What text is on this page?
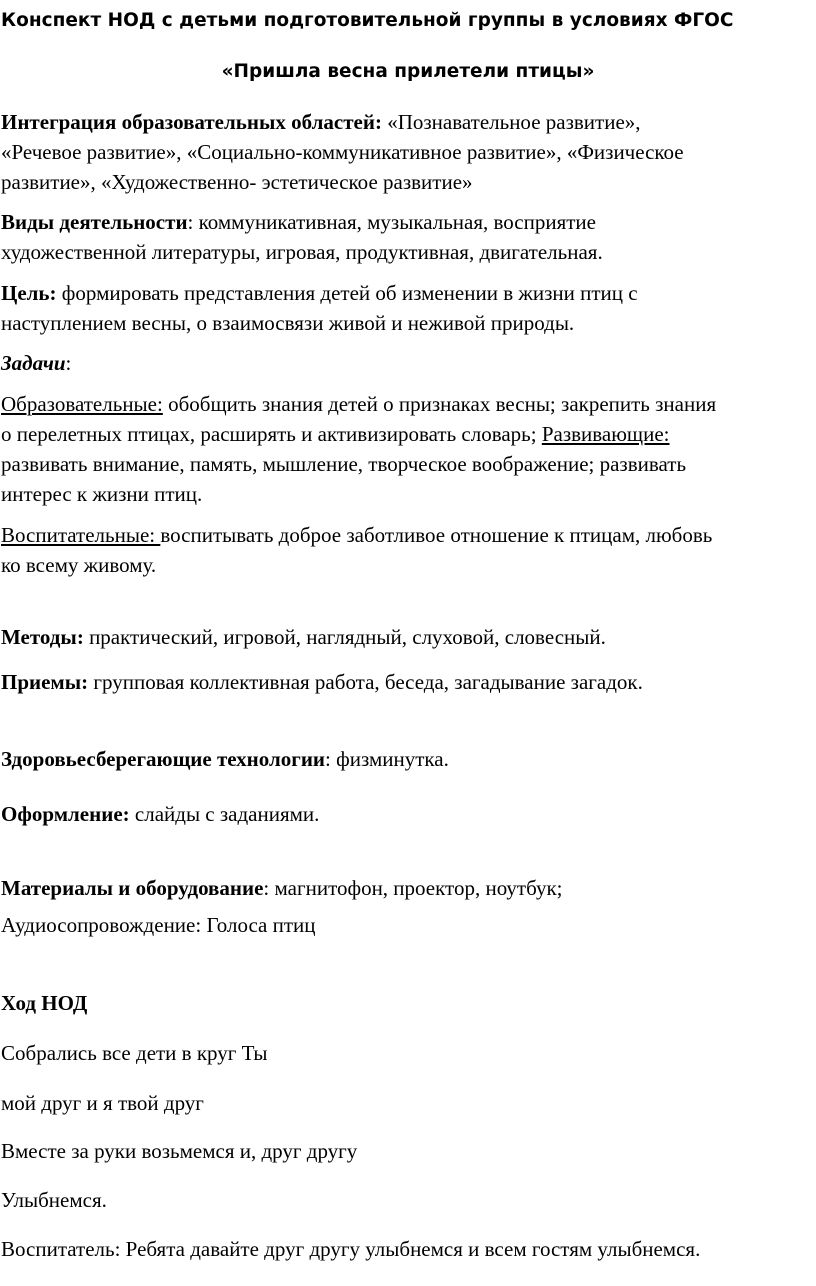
Конспект НОД с детьми подготовительной группы в условиях ФГОС
«Пришла весна прилетели птицы»
Интеграция образовательных областей: «Познавательное развитие»,
«Речевое развитие», «Социально-коммуникативное развитие», «Физическое
развитие», «Художественно- эстетическое развитие»
Виды деятельности: коммуникативная, музыкальная, восприятие
художественной литературы, игровая, продуктивная, двигательная.
Цель: формировать представления детей об изменении в жизни птиц с
наступлением весны, о взаимосвязи живой и неживой природы.
Задачи:
Образовательные: обобщить знания детей о признаках весны; закрепить знания
о перелетных птицах, расширять и активизировать словарь; Развивающие:
развивать внимание, память, мышление, творческое воображение; развивать
интерес к жизни птиц.
Воспитательные: воспитывать доброе заботливое отношение к птицам, любовь
ко всему живому.
Методы: практический, игровой, наглядный, слуховой, словесный.
Приемы: групповая коллективная работа, беседа, загадывание загадок.
Здоровьесберегающие технологии: физминутка.
Оформление: слайды с заданиями.
Материалы и оборудование: магнитофон, проектор, ноутбук;
Аудиосопровождение: Голоса птиц
Ход НОД
Собрались все дети в круг Ты
мой друг и я твой друг
Вместе за руки возьмемся и, друг другу
Улыбнемся.
Воспитатель: Ребята давайте друг другу улыбнемся и всем гостям улыбнемся.
